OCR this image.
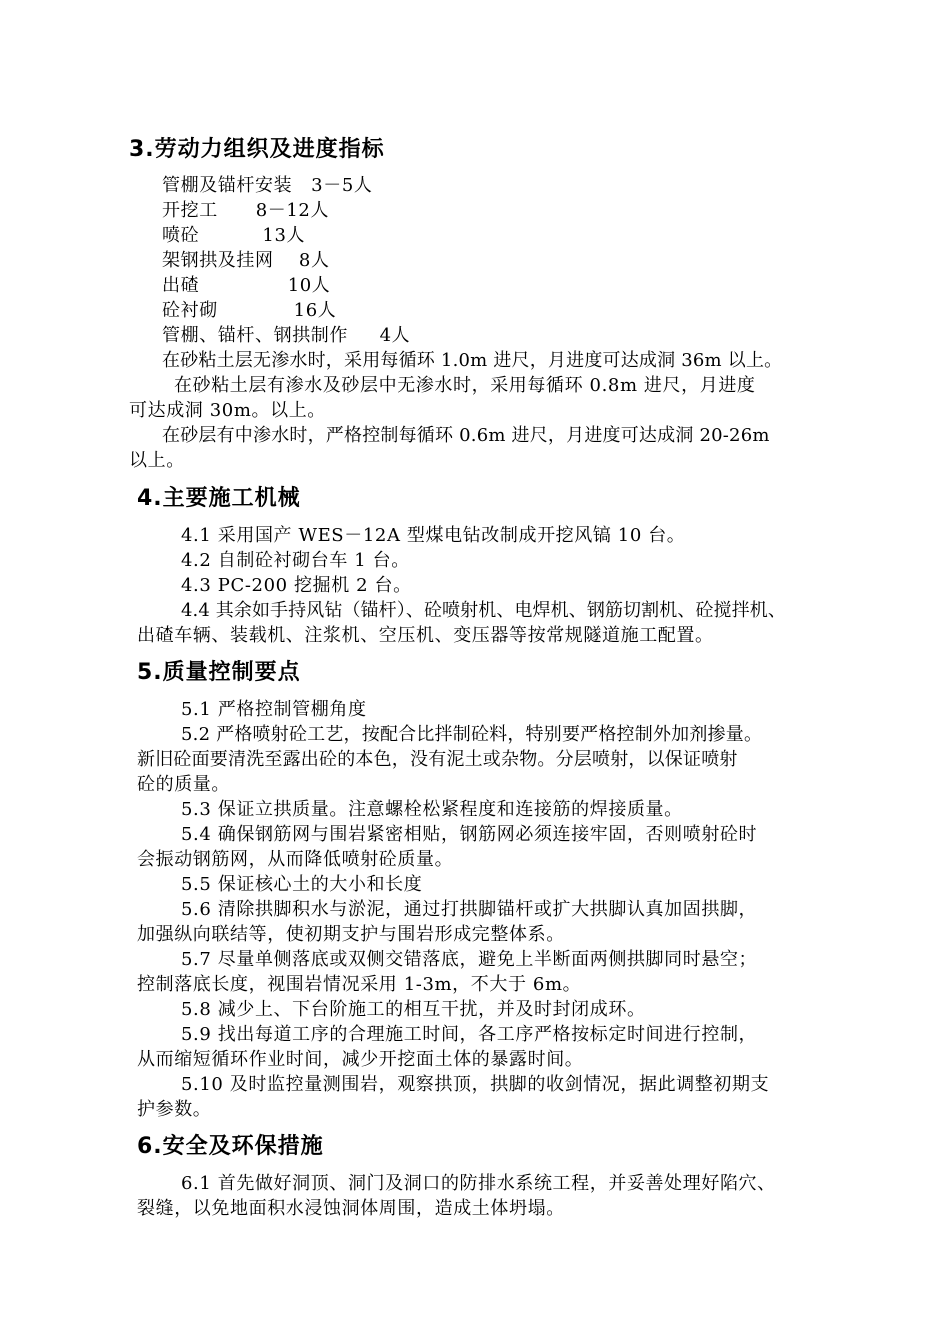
3.劳动力组织及进度指标
管棚及锚杆安装   3－5人
开挖工      8－12人
喷砼          13人
架钢拱及挂网    8人
出碴              10人
砼衬砌            16人
管棚、锚杆、钢拱制作     4人
在砂粘土层无渗水时，采用每循环 1.0m 进尺，月进度可达成洞 36m 以上。
在砂粘土层有渗水及砂层中无渗水时，采用每循环 0.8m 进尺，月进度
可达成洞 30m。以上。
在砂层有中渗水时，严格控制每循环 0.6m 进尺，月进度可达成洞 20-26m
以上。
4.主要施工机械
4.1 采用国产 WES－12A 型煤电钻改制成开挖风镐 10 台。
4.2 自制砼衬砌台车 1 台。
4.3 PC-200 挖掘机 2 台。
4.4 其余如手持风钻（锚杆）、砼喷射机、电焊机、钢筋切割机、砼搅拌机、
出碴车辆、装载机、注浆机、空压机、变压器等按常规隧道施工配置。
5.质量控制要点
5.1 严格控制管棚角度
5.2 严格喷射砼工艺，按配合比拌制砼料，特别要严格控制外加剂掺量。
新旧砼面要清洗至露出砼的本色，没有泥土或杂物。分层喷射，以保证喷射
砼的质量。
5.3 保证立拱质量。注意螺栓松紧程度和连接筋的焊接质量。
5.4 确保钢筋网与围岩紧密相贴，钢筋网必须连接牢固，否则喷射砼时
会振动钢筋网，从而降低喷射砼质量。
5.5 保证核心土的大小和长度
5.6 清除拱脚积水与淤泥，通过打拱脚锚杆或扩大拱脚认真加固拱脚，
加强纵向联结等，使初期支护与围岩形成完整体系。
5.7 尽量单侧落底或双侧交错落底，避免上半断面两侧拱脚同时悬空；
控制落底长度，视围岩情况采用 1-3m，不大于 6m。
5.8 减少上、下台阶施工的相互干扰，并及时封闭成环。
5.9 找出每道工序的合理施工时间，各工序严格按标定时间进行控制，
从而缩短循环作业时间，减少开挖面土体的暴露时间。
5.10 及时监控量测围岩，观察拱顶，拱脚的收剑情况，据此调整初期支
护参数。
6.安全及环保措施
6.1 首先做好洞顶、洞门及洞口的防排水系统工程，并妥善处理好陷穴、
裂缝，以免地面积水浸蚀洞体周围，造成土体坍塌。
